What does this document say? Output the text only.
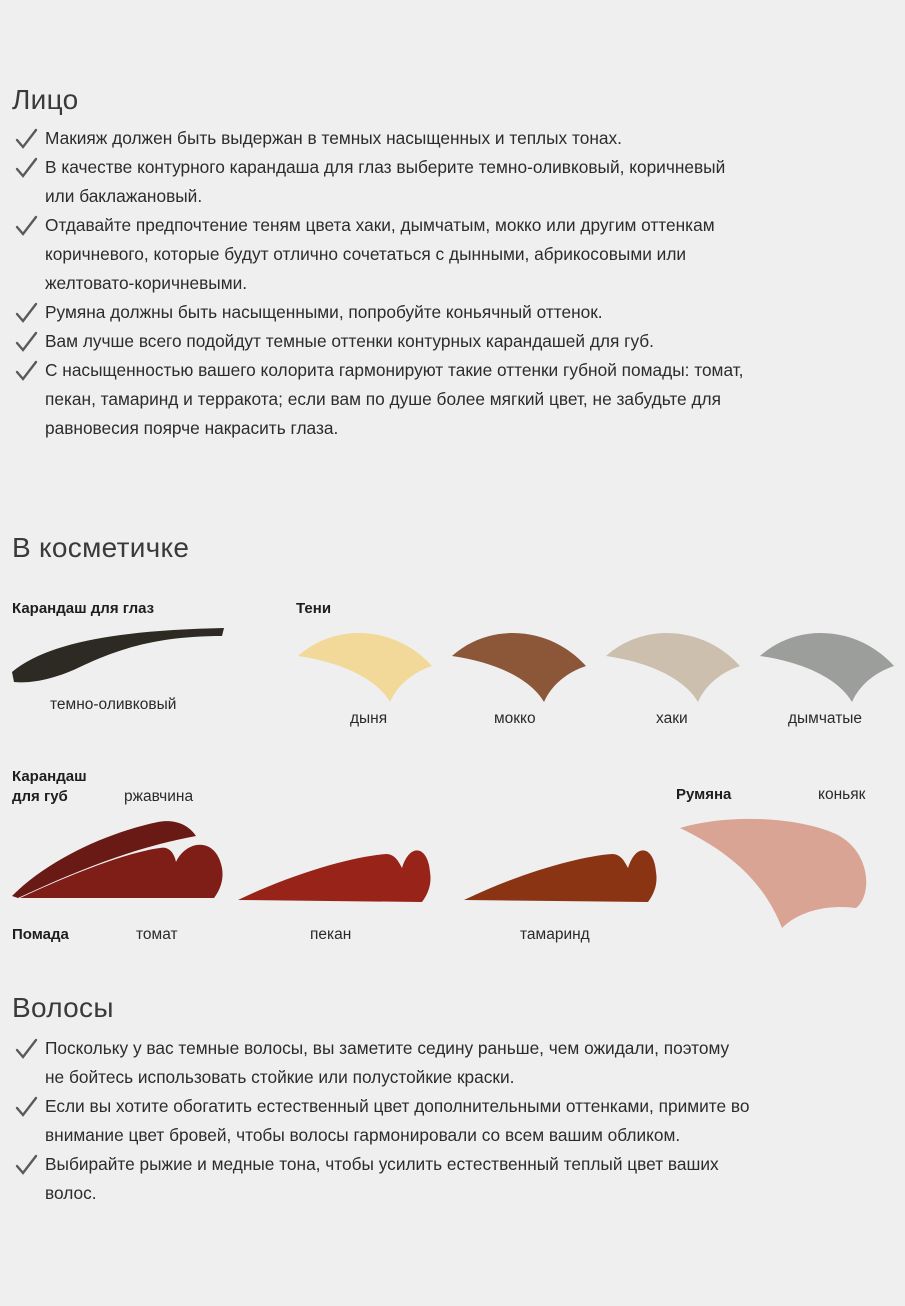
Лицо
Макияж должен быть выдержан в темных насыщенных и теплых тонах.
В качестве контурного карандаша для глаз выберите темно-оливковый, коричневый или баклажановый.
Отдавайте предпочтение теням цвета хаки, дымчатым, мокко или другим оттенкам коричневого, которые будут отлично сочетаться с дынными, абрикосовыми или желтовато-коричневыми.
Румяна должны быть насыщенными, попробуйте коньячный оттенок.
Вам лучше всего подойдут темные оттенки контурных карандашей для губ.
С насыщенностью вашего колорита гармонируют такие оттенки губной помады: томат, пекан, тамаринд и терракота; если вам по душе более мягкий цвет, не забудьте для равновесия поярче накрасить глаза.
В косметичке
Карандаш для глаз
темно-оливковый
Тени
дыня	мокко	хаки	дымчатые
Карандаш
для губ	ржавчина
Помада	томат	пекан	тамаринд
Румяна	коньяк
Волосы
Поскольку у вас темные волосы, вы заметите седину раньше, чем ожидали, поэтому не бойтесь использовать стойкие или полустойкие краски.
Если вы хотите обогатить естественный цвет дополнительными оттенками, примите во внимание цвет бровей, чтобы волосы гармонировали со всем вашим обликом.
Выбирайте рыжие и медные тона, чтобы усилить естественный теплый цвет ваших волос.
